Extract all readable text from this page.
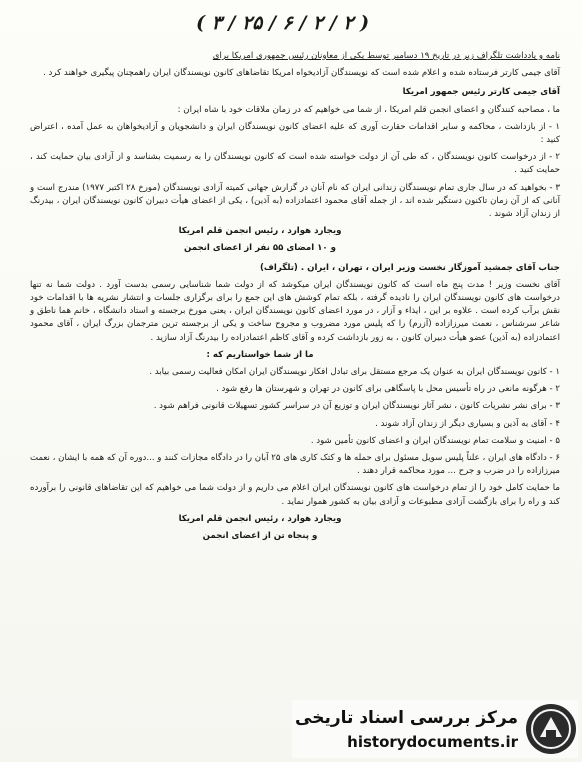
( ۳ / ۲۵ / ۶ / ۲ / ۲ )

نامه و یادداشت تلگراف زیر در تاریخ ۱۹ دسامبر توسط یکی از معاونان رئیس جمهوری امریکا برای

آقای جیمی کارتر فرستاده شده و اعلام شده است که نویسندگان آزادیخواه امریکا تقاضاهای کانون نویسندگان ایران راهمچنان پیگیری خواهند کرد .

آقای جیمی کارتر رئیس جمهور امریکا

ما ، مصاحبه کنندگان و اعضای انجمن قلم امریکا ، از شما می خواهیم که در زمان ملاقات خود با شاه ایران :

۱ - از بازداشت ، محاکمه و سایر اقدامات حقارت آوری که علیه اعضای کانون نویسندگان ایران و دانشجویان و آزادیخواهان به عمل آمده ، اعتراض کنید :

۲ - از درخواست کانون نویسندگان ، که طی آن از دولت خواسته شده است که کانون نویسندگان را به رسمیت بشناسد و از آزادی بیان حمایت کند ، حمایت کنید .

۳ - بخواهید که در سال جاری تمام نویسندگان زندانی ایران که نام آنان در گزارش جهانی کمیته آزادی نویسندگان (مورخ ۲۸ اکتبر ۱۹۷۷) مندرج است و آنانی که از آن زمان تاکنون دستگیر شده اند ، از جمله آقای محمود اعتمادزاده (به آذین) ، یکی از اعضای هیأت دبیران کانون نویسندگان ایران ، بیدرنگ از زندان آزاد شوند .

ویجارد هوارد ، رئیس انجمن قلم امریکا

و ۱۰ امضای ۵۵ نفر از اعضای انجمن

جناب آقای جمشید آموزگار نخست وزیر ایران ، تهران ، ایران . (تلگراف)

آقای نخست وزیر ! مدت پنج ماه است که کانون نویسندگان ایران میکوشد که از دولت شما شناسایی رسمی بدست آورد . دولت شما نه تنها درخواست های کانون نویسندگان ایران را نادیده گرفته ، بلکه تمام کوشش های این جمع را برای برگزاری جلسات و انتشار نشریه ها با اقدامات خود نقش برآب کرده است . علاوه بر این ، ایذاء و آزار ، در مورد اعضای کانون نویسندگان ایران ، یعنی مورخ برجسته و استاد دانشگاه ، خانم هما ناطق و شاعر سرشناس ، نعمت میرزازاده (آزرم) را که پلیس مورد مضروب و مجروح ساخت و یکی از برجسته ترین مترجمان بزرگ ایران ، آقای محمود اعتمادزاده (به آذین) عضو هیأت دبیران کانون ، به زور بازداشت کرده و آقای کاظم اعتمادزاده را بیدرنگ آزاد سازید .

ما از شما خواستاریم که :

۱ - کانون نویسندگان ایران به عنوان یک مرجع مستقل برای تبادل افکار نویسندگان ایران امکان فعالیت رسمی بیابد .

۲ - هرگونه مانعی در راه تأسیس محل با پاسگاهی برای کانون در تهران و شهرستان ها رفع شود .

۳ - برای نشر نشریات کانون ، نشر آثار نویسندگان ایران و توزیع آن در سراسر کشور تسهیلات قانونی فراهم شود .

۴ - آقای به آذین و بسیاری دیگر از زندان آزاد شوند .

۵ - امنیت و سلامت تمام نویسندگان ایران و اعضای کانون تأمین شود .

۶ - دادگاه های ایران ، علناً پلیس سویل مسئول برای حمله ها و کتک کاری های ۲۵ آبان را در دادگاه مجازات کنند و ...دوره آن که همه با ایشان ، نعمت میرزازاده را در ضرب و جرح ... مورد محاکمه قرار دهند .

ما حمایت کامل خود را از تمام درخواست های کانون نویسندگان ایران اعلام می داریم و از دولت شما می خواهیم که این تقاضاهای قانونی را برآورده کند و راه را برای بازگشت آزادی مطبوعات و آزادی بیان به کشور هموار نماید .

ویجارد هوارد ، رئیس انجمن قلم امریکا

و پنجاه تن از اعضای انجمن

مرکز بررسی اسناد تاریخی
historydocuments.ir
